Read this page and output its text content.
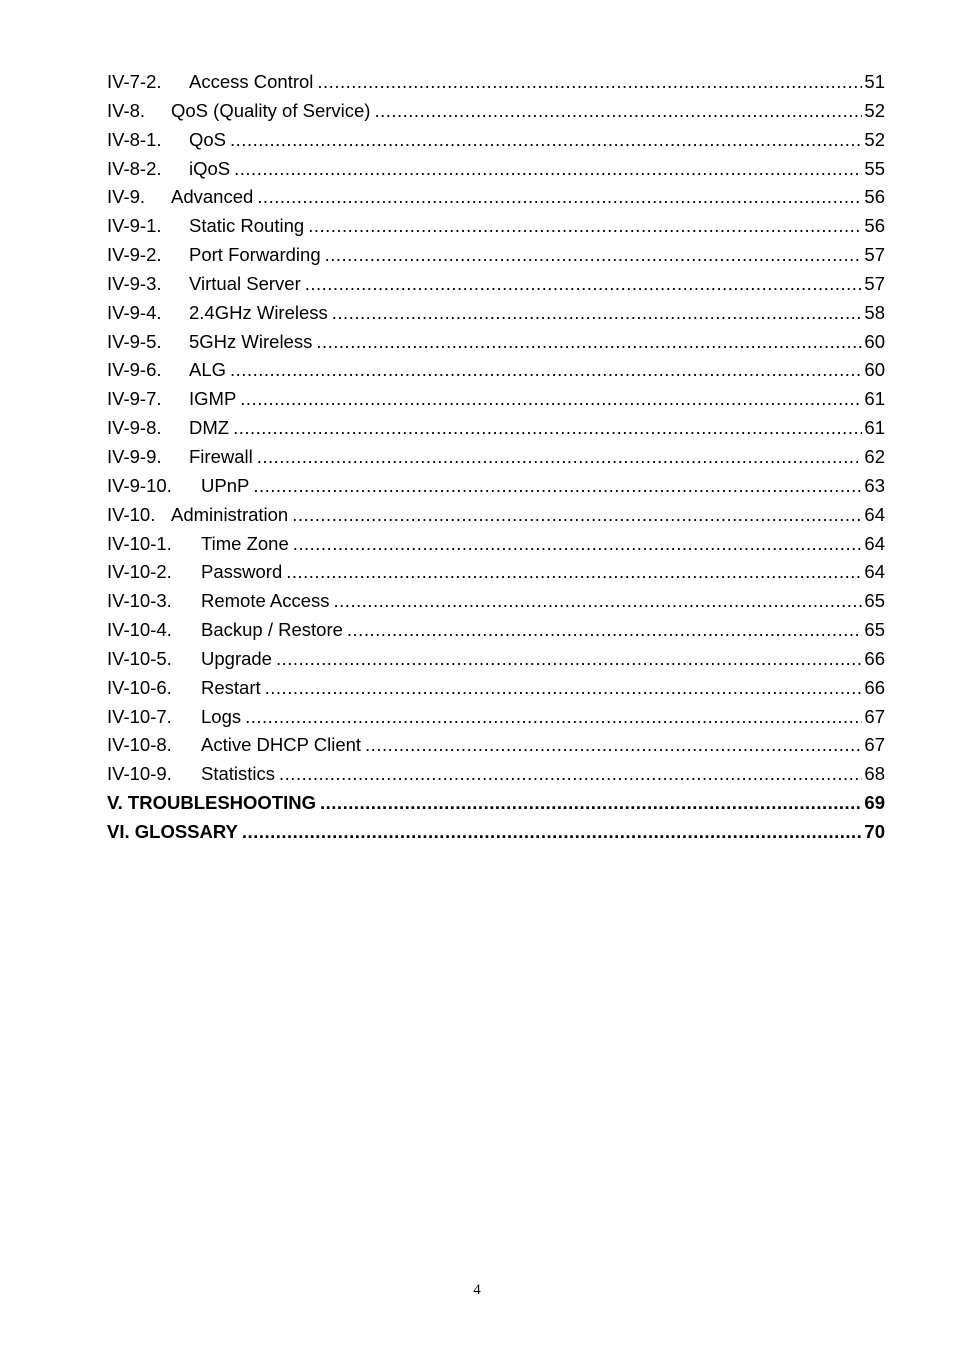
IV-7-2.	Access Control .....	51
IV-8.	QoS (Quality of Service) .....	52
IV-8-1.	QoS .....	52
IV-8-2.	iQoS .....	55
IV-9.	Advanced .....	56
IV-9-1.	Static Routing .....	56
IV-9-2.	Port Forwarding .....	57
IV-9-3.	Virtual Server .....	57
IV-9-4.	2.4GHz Wireless .....	58
IV-9-5.	5GHz Wireless .....	60
IV-9-6.	ALG .....	60
IV-9-7.	IGMP .....	61
IV-9-8.	DMZ .....	61
IV-9-9.	Firewall .....	62
IV-9-10.	UPnP .....	63
IV-10. Administration .....	64
IV-10-1.	Time Zone .....	64
IV-10-2.	Password .....	64
IV-10-3.	Remote Access .....	65
IV-10-4.	Backup / Restore .....	65
IV-10-5.	Upgrade .....	66
IV-10-6.	Restart .....	66
IV-10-7.	Logs .....	67
IV-10-8.	Active DHCP Client .....	67
IV-10-9.	Statistics .....	68
V. TROUBLESHOOTING .....	69
VI. GLOSSARY .....	70
4
